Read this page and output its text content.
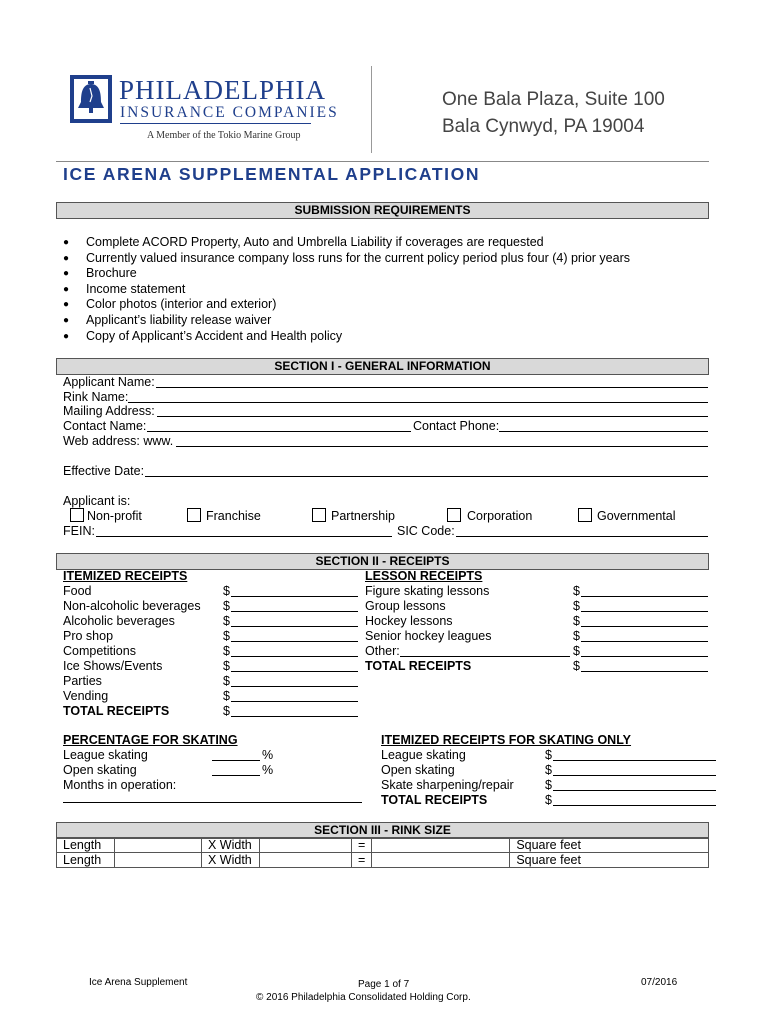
PHILADELPHIA
INSURANCE COMPANIES
A Member of the Tokio Marine Group
One Bala Plaza, Suite 100
Bala Cynwyd, PA 19004
ICE ARENA SUPPLEMENTAL APPLICATION
SUBMISSION REQUIREMENTS
● Complete ACORD Property, Auto and Umbrella Liability if coverages are requested
● Currently valued insurance company loss runs for the current policy period plus four (4) prior years
● Brochure
● Income statement
● Color photos (interior and exterior)
● Applicant’s liability release waiver
● Copy of Applicant’s Accident and Health policy
SECTION I - GENERAL INFORMATION
Applicant Name:
Rink Name:
Mailing Address:
Contact Name:	Contact Phone:
Web address: www.
Effective Date:
Applicant is:
Non-profit	Franchise	Partnership	Corporation	Governmental
FEIN:	SIC Code:
SECTION II - RECEIPTS
ITEMIZED RECEIPTS	LESSON RECEIPTS
Food	$
Non-alcoholic beverages $
Alcoholic beverages	$
Pro shop	$
Competitions	$
Ice Shows/Events	$
Parties	$
Vending	$
TOTAL RECEIPTS	$
Figure skating lessons	$
Group lessons	$
Hockey lessons	$
Senior hockey leagues	$
Other:	$
TOTAL RECEIPTS	$
PERCENTAGE FOR SKATING
League skating	%
Open skating	%
Months in operation:
ITEMIZED RECEIPTS FOR SKATING ONLY
League skating	$
Open skating	$
Skate sharpening/repair	$
TOTAL RECEIPTS	$
SECTION III - RINK SIZE
Length		X Width		=		Square feet
Length		X Width		=		Square feet
Ice Arena Supplement	Page 1 of 7	07/2016
© 2016 Philadelphia Consolidated Holding Corp.
